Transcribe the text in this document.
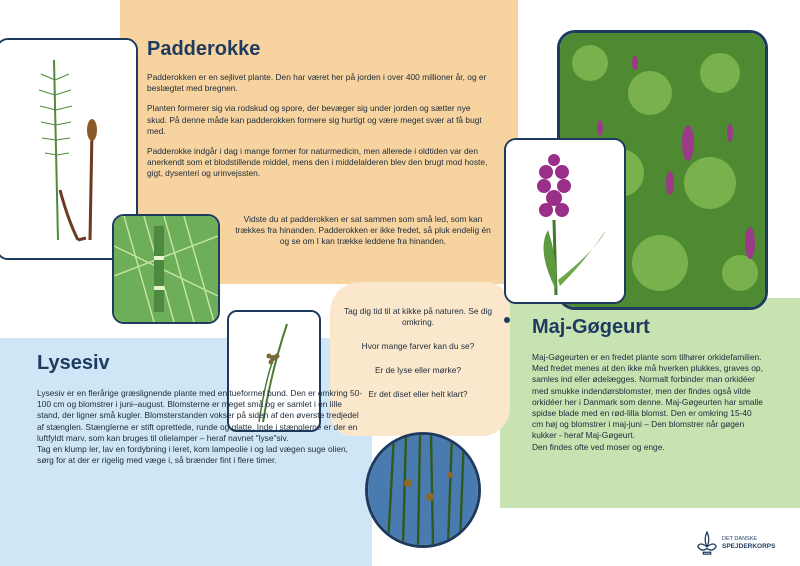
Padderokke

Padderokken er en sejlivet plante. Den har været her på jorden i over 400 millioner år, og er beslægtet med bregnen.

Planten formerer sig via rodskud og spore, der bevæger sig under jorden og sætter nye skud. På denne måde kan padderokken formere sig hurtigt og være meget svær at få bugt med.

Padderokke indgår i dag i mange former for naturmedicin, men allerede i oldtiden var den anerkendt som et blodstillende middel, mens den i middelalderen blev den brugt mod hoste, gigt, dysenteri og urinvejssten.

Vidste du at padderokken er sat sammen som små led, som kan trækkes fra hinanden. Padderokken er ikke fredet, så pluk endelig én og se om I kan trække leddene fra hinanden.

Tag dig tid til at kikke på naturen. Se dig omkring.

Hvor mange farver kan du se?

Er de lyse eller mørke?

Er det diset eller helt klart?

Lysesiv

Lysesiv er en flerårige græslignende plante med en tueformet bund. Den er omkring 50-100 cm og blomstrer i juni–august. Blomsterne er meget små og er samlet i en lille stand, der ligner små kugler. Blomsterstanden vokser på siden af den øverste tredjedel af stænglen. Stænglerne er stift oprettede, runde og glatte. Inde i stænglerne er der en luftfyldt marv, som kan bruges til olielamper – heraf navnet "lyse"siv.

Tag en klump ler, lav en fordybning i leret, kom lampeolie i og lad vægen suge olien, sørg for at der er rigelig med væge i, så brænder fint i flere timer.

Maj-Gøgeurt

Maj-Gøgeurten er en fredet plante som tilhører orkidefamilien. Med fredet menes at den ikke må hverken plukkes, graves op, samles ind eller ødelægges. Normalt forbinder man orkidéer med smukke indendørsblomster, men der findes også vilde orkidéer her i Danmark som denne. Maj-Gøgeurten har smalle spidse blade med en rød-lilla blomst. Den er omkring 15-40 cm høj og blomstrer i maj-juni – Den blomstrer når gøgen kukker - heraf Maj-Gøgeurt.

Den findes ofte ved moser og enge.

DET DANSKE
SPEJDERKORPS
